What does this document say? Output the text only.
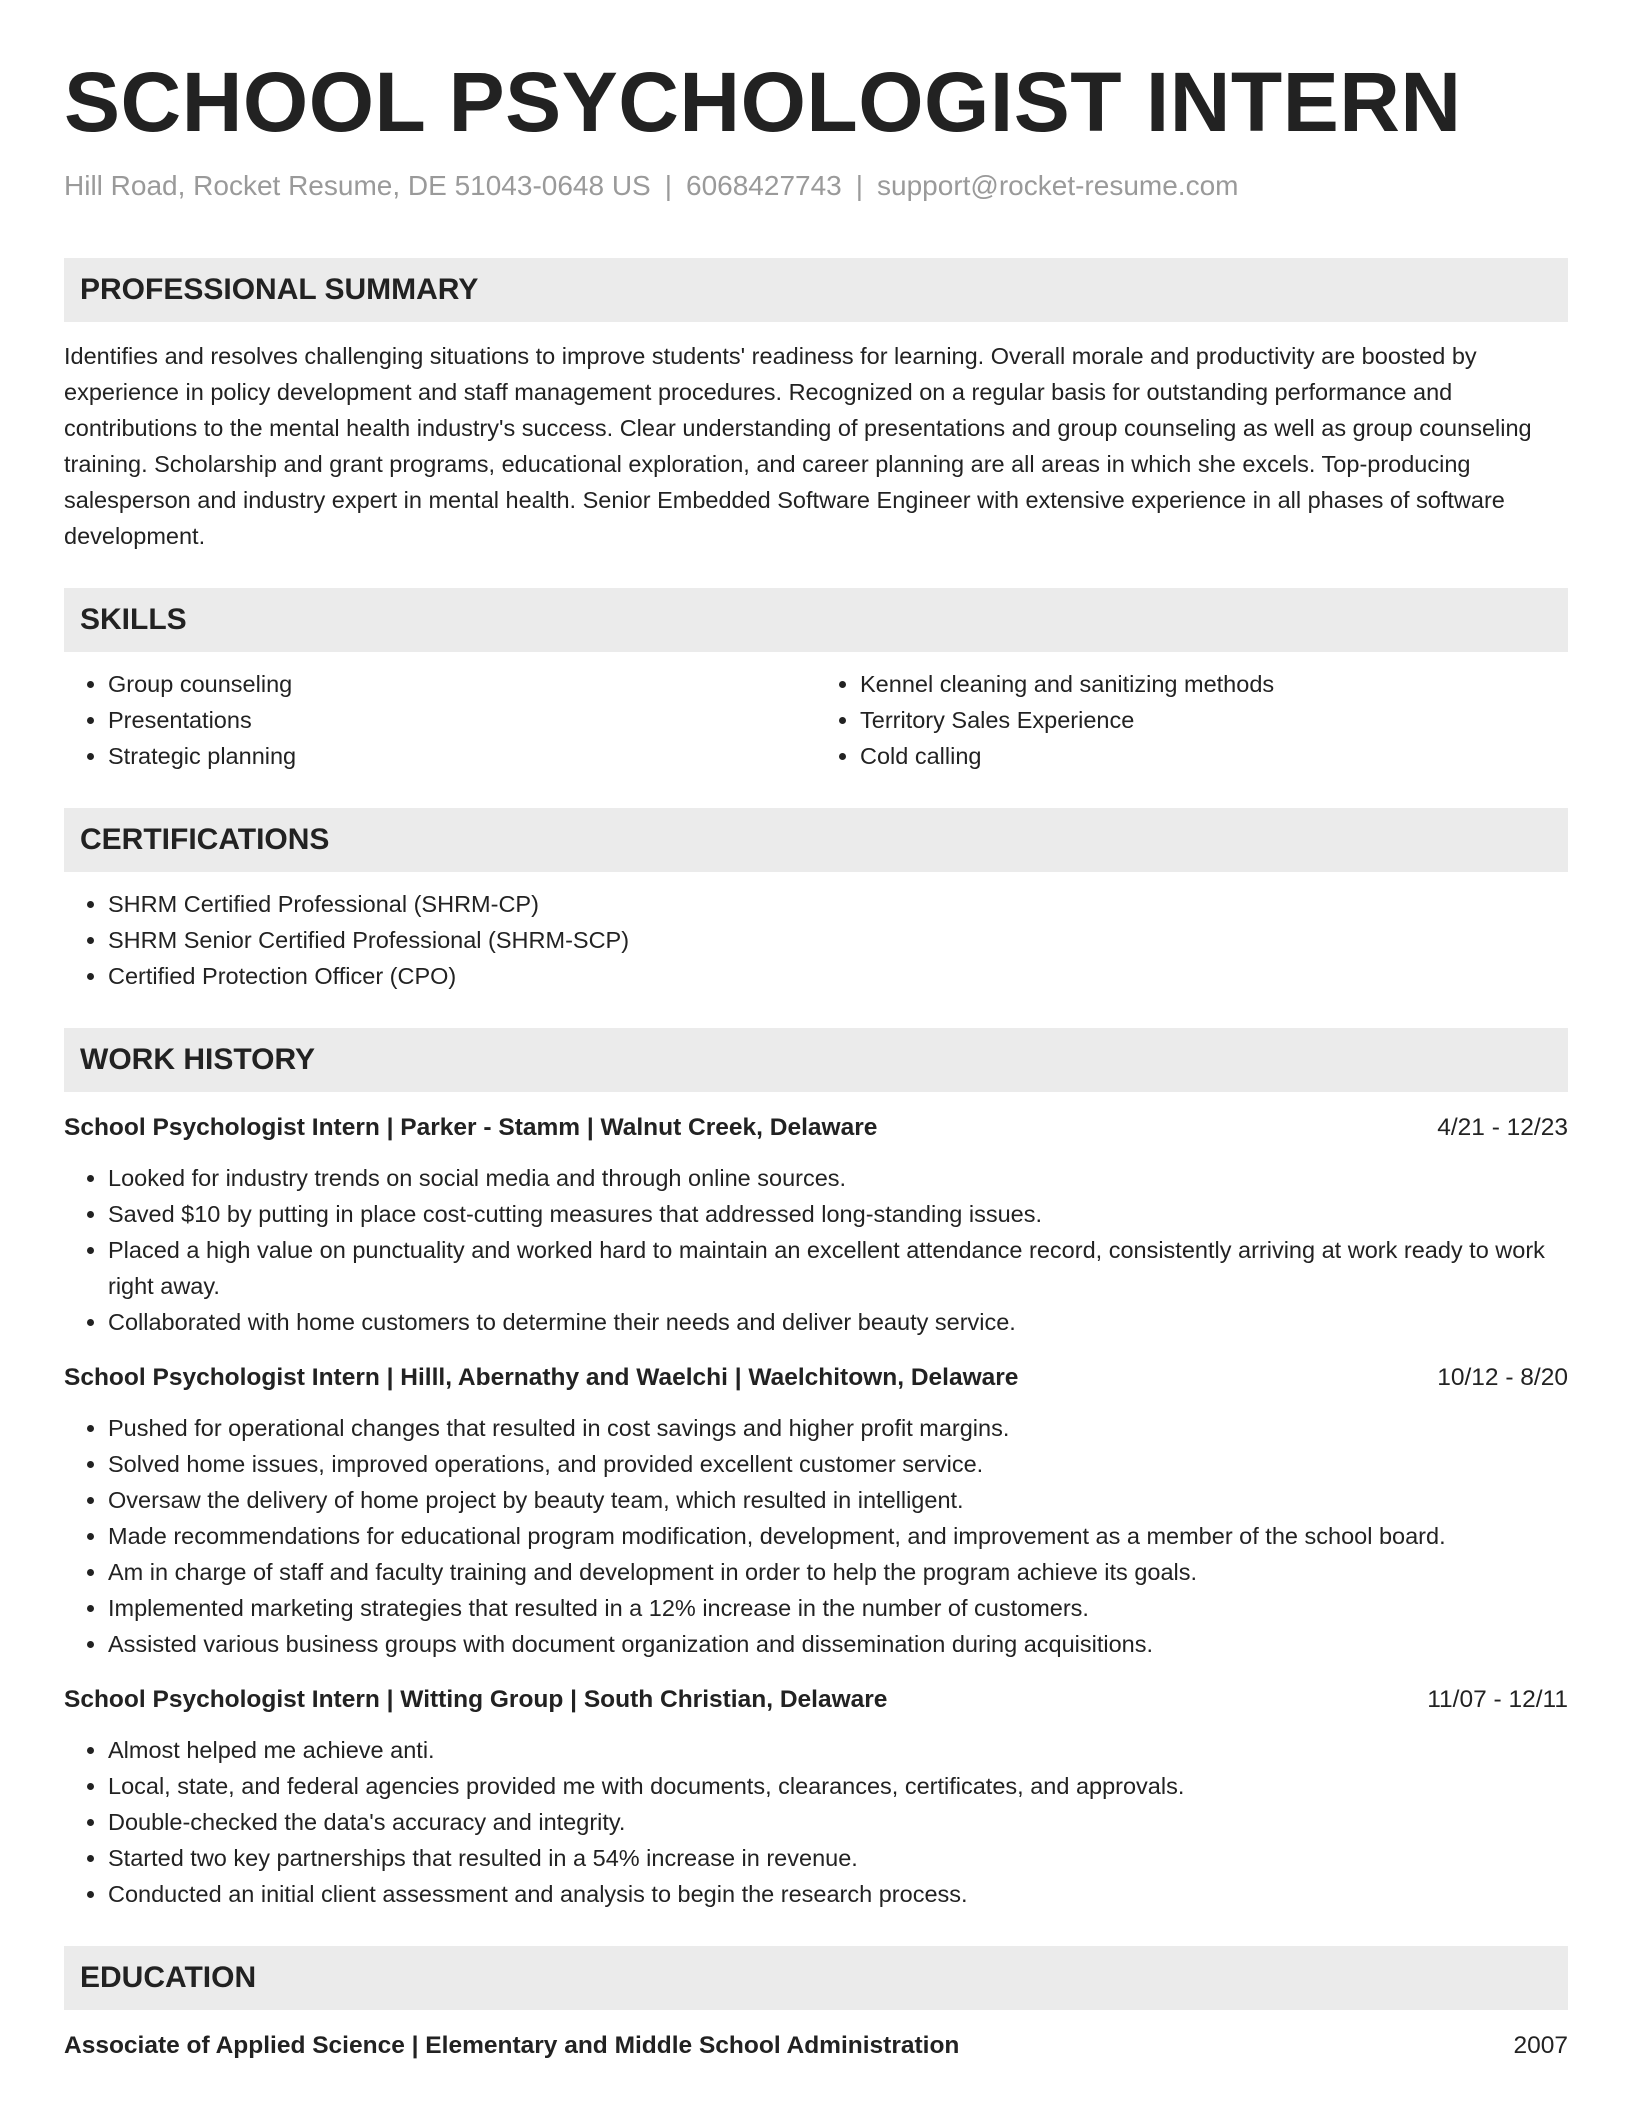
SCHOOL PSYCHOLOGIST INTERN
Hill Road, Rocket Resume, DE 51043-0648 US | 6068427743 | support@rocket-resume.com
PROFESSIONAL SUMMARY

Identifies and resolves challenging situations to improve students' readiness for learning. Overall morale and productivity are boosted by experience in policy development and staff management procedures. Recognized on a regular basis for outstanding performance and contributions to the mental health industry's success. Clear understanding of presentations and group counseling as well as group counseling training. Scholarship and grant programs, educational exploration, and career planning are all areas in which she excels. Top-producing salesperson and industry expert in mental health. Senior Embedded Software Engineer with extensive experience in all phases of software development.

SKILLS
• Group counseling
• Presentations
• Strategic planning
• Kennel cleaning and sanitizing methods
• Territory Sales Experience
• Cold calling
CERTIFICATIONS
• SHRM Certified Professional (SHRM-CP)
• SHRM Senior Certified Professional (SHRM-SCP)
• Certified Protection Officer (CPO)
WORK HISTORY
School Psychologist Intern | Parker - Stamm | Walnut Creek, Delaware	4/21 - 12/23
• Looked for industry trends on social media and through online sources.
• Saved $10 by putting in place cost-cutting measures that addressed long-standing issues.
• Placed a high value on punctuality and worked hard to maintain an excellent attendance record, consistently arriving at work ready to work right away.
• Collaborated with home customers to determine their needs and deliver beauty service.
School Psychologist Intern | Hilll, Abernathy and Waelchi | Waelchitown, Delaware	10/12 - 8/20
• Pushed for operational changes that resulted in cost savings and higher profit margins.
• Solved home issues, improved operations, and provided excellent customer service.
• Oversaw the delivery of home project by beauty team, which resulted in intelligent.
• Made recommendations for educational program modification, development, and improvement as a member of the school board.
• Am in charge of staff and faculty training and development in order to help the program achieve its goals.
• Implemented marketing strategies that resulted in a 12% increase in the number of customers.
• Assisted various business groups with document organization and dissemination during acquisitions.
School Psychologist Intern | Witting Group | South Christian, Delaware	11/07 - 12/11
• Almost helped me achieve anti.
• Local, state, and federal agencies provided me with documents, clearances, certificates, and approvals.
• Double-checked the data's accuracy and integrity.
• Started two key partnerships that resulted in a 54% increase in revenue.
• Conducted an initial client assessment and analysis to begin the research process.
EDUCATION
Associate of Applied Science | Elementary and Middle School Administration	2007
